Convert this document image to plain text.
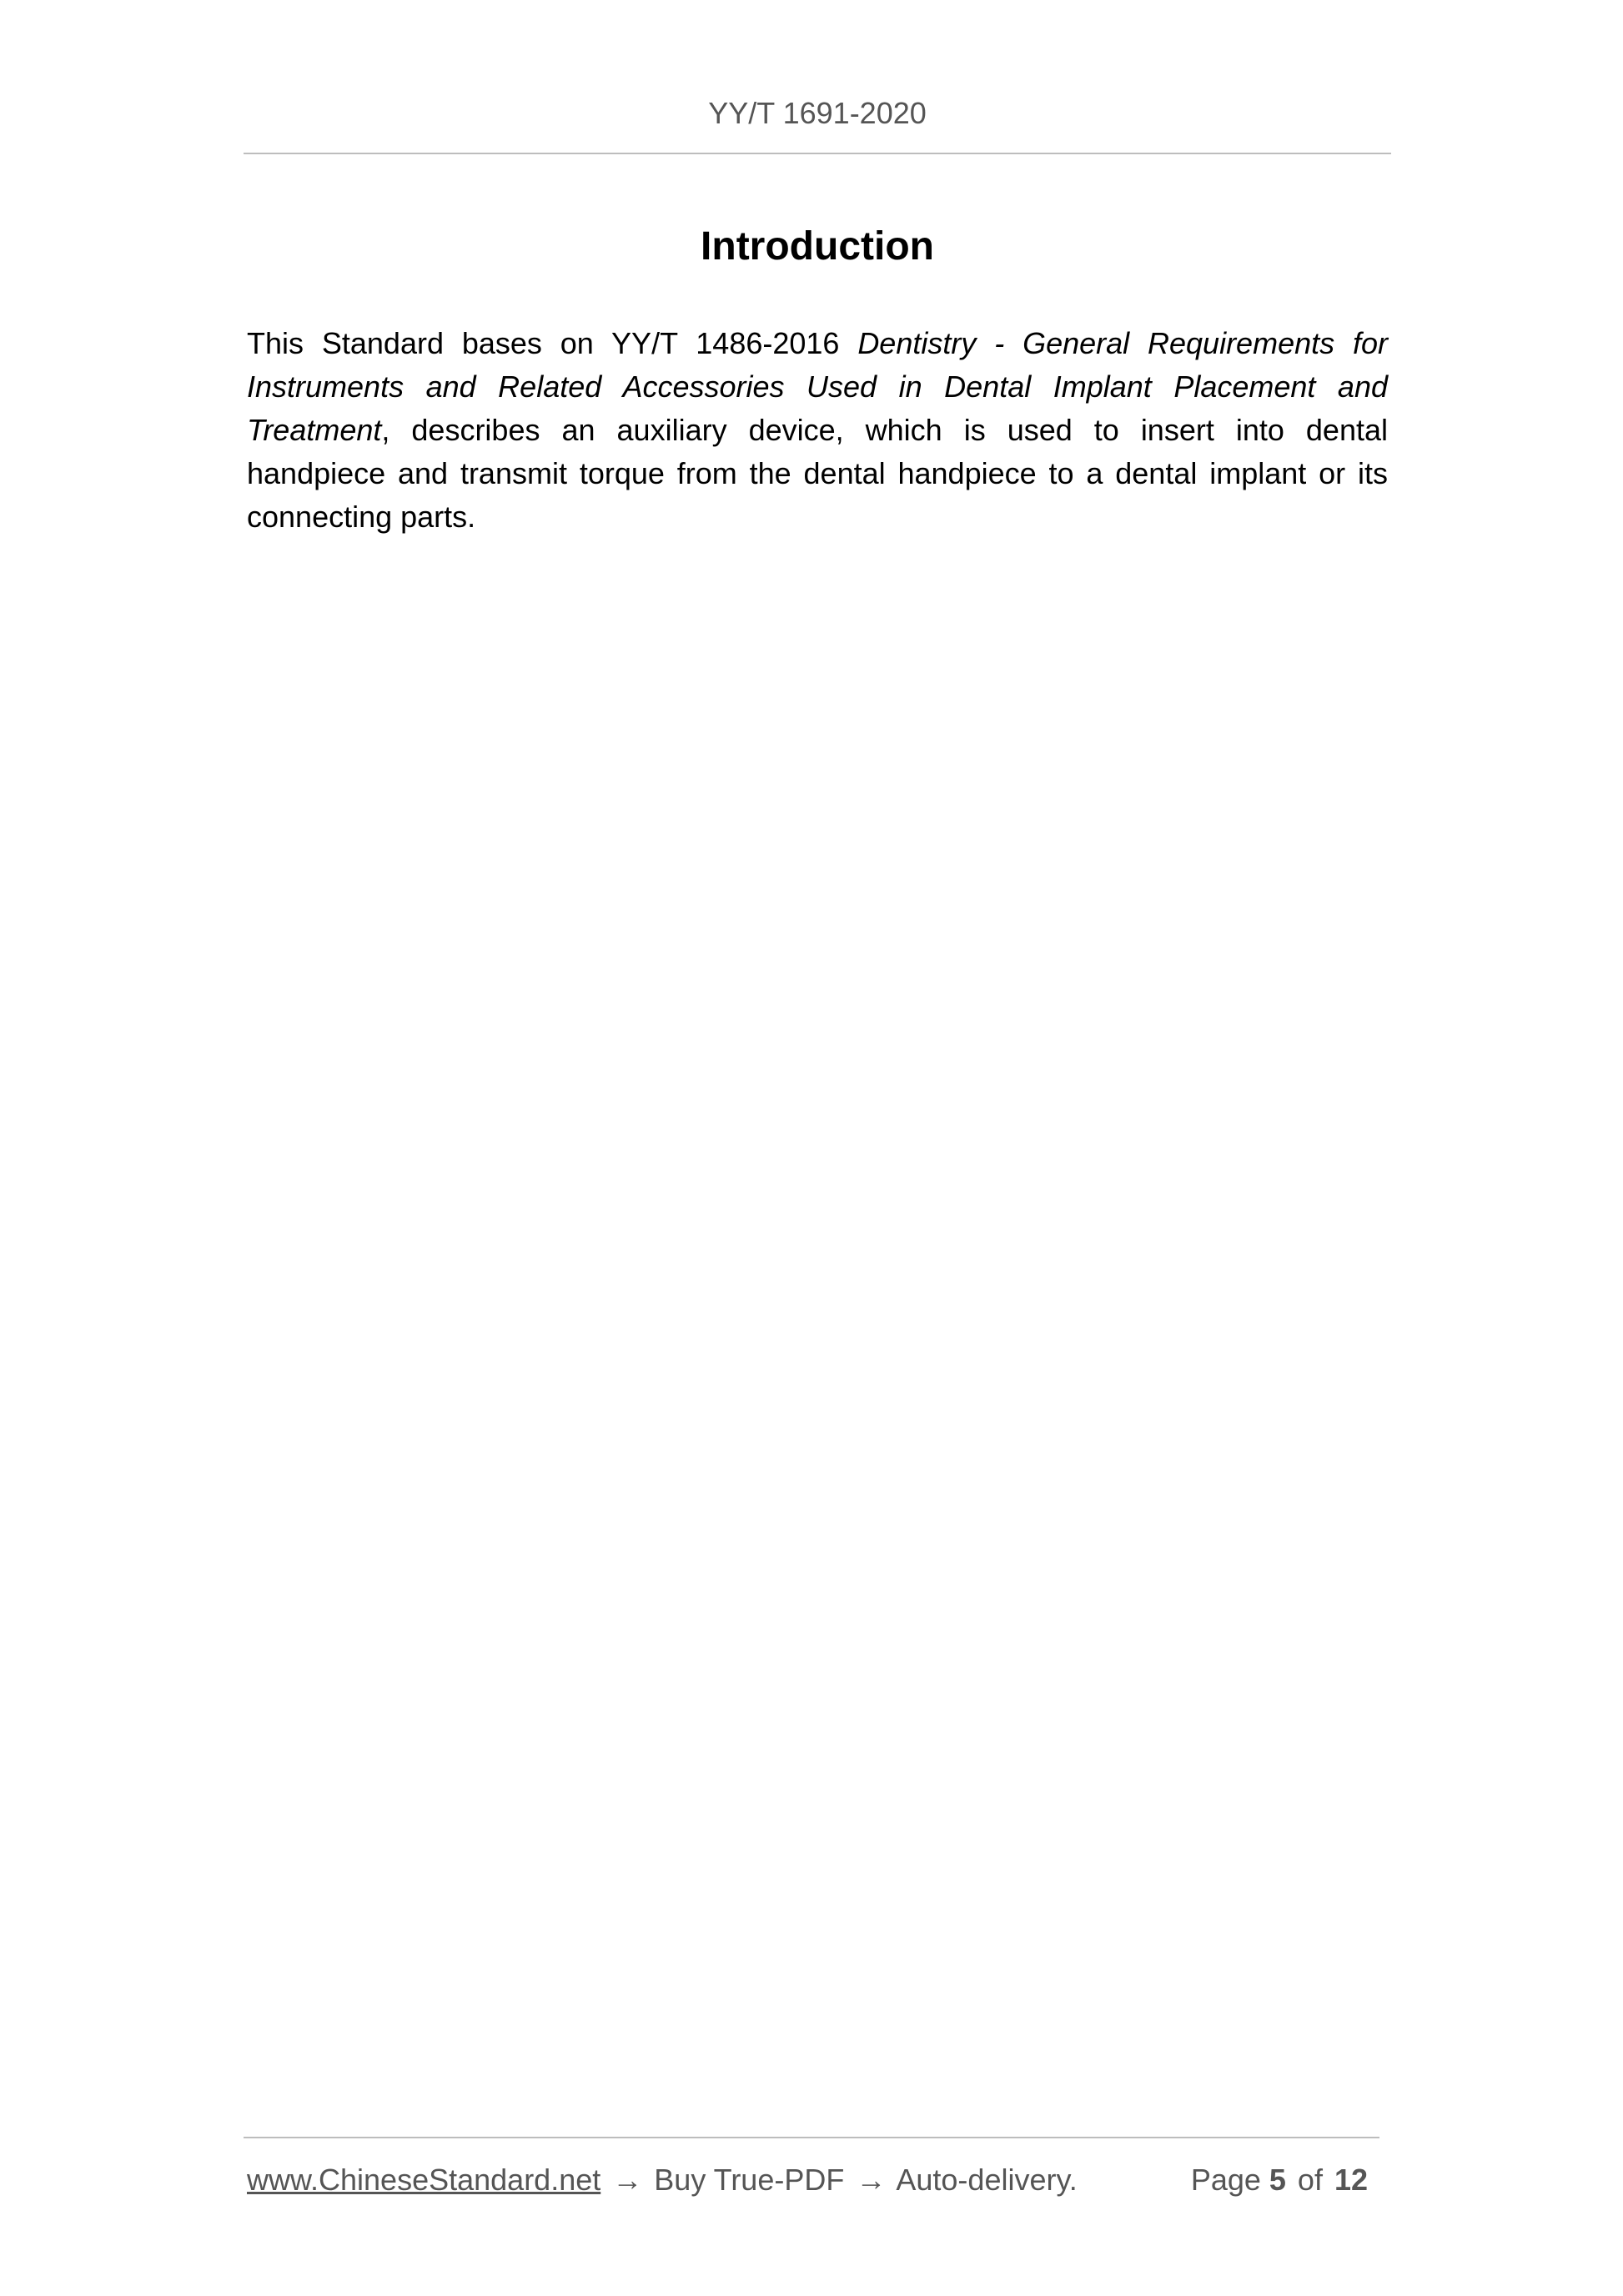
YY/T 1691-2020
Introduction

This Standard bases on YY/T 1486-2016 Dentistry - General Requirements for Instruments and Related Accessories Used in Dental Implant Placement and Treatment, describes an auxiliary device, which is used to insert into dental handpiece and transmit torque from the dental handpiece to a dental implant or its connecting parts.

www.ChineseStandard.net → Buy True-PDF → Auto-delivery.	Page 5 of 12
